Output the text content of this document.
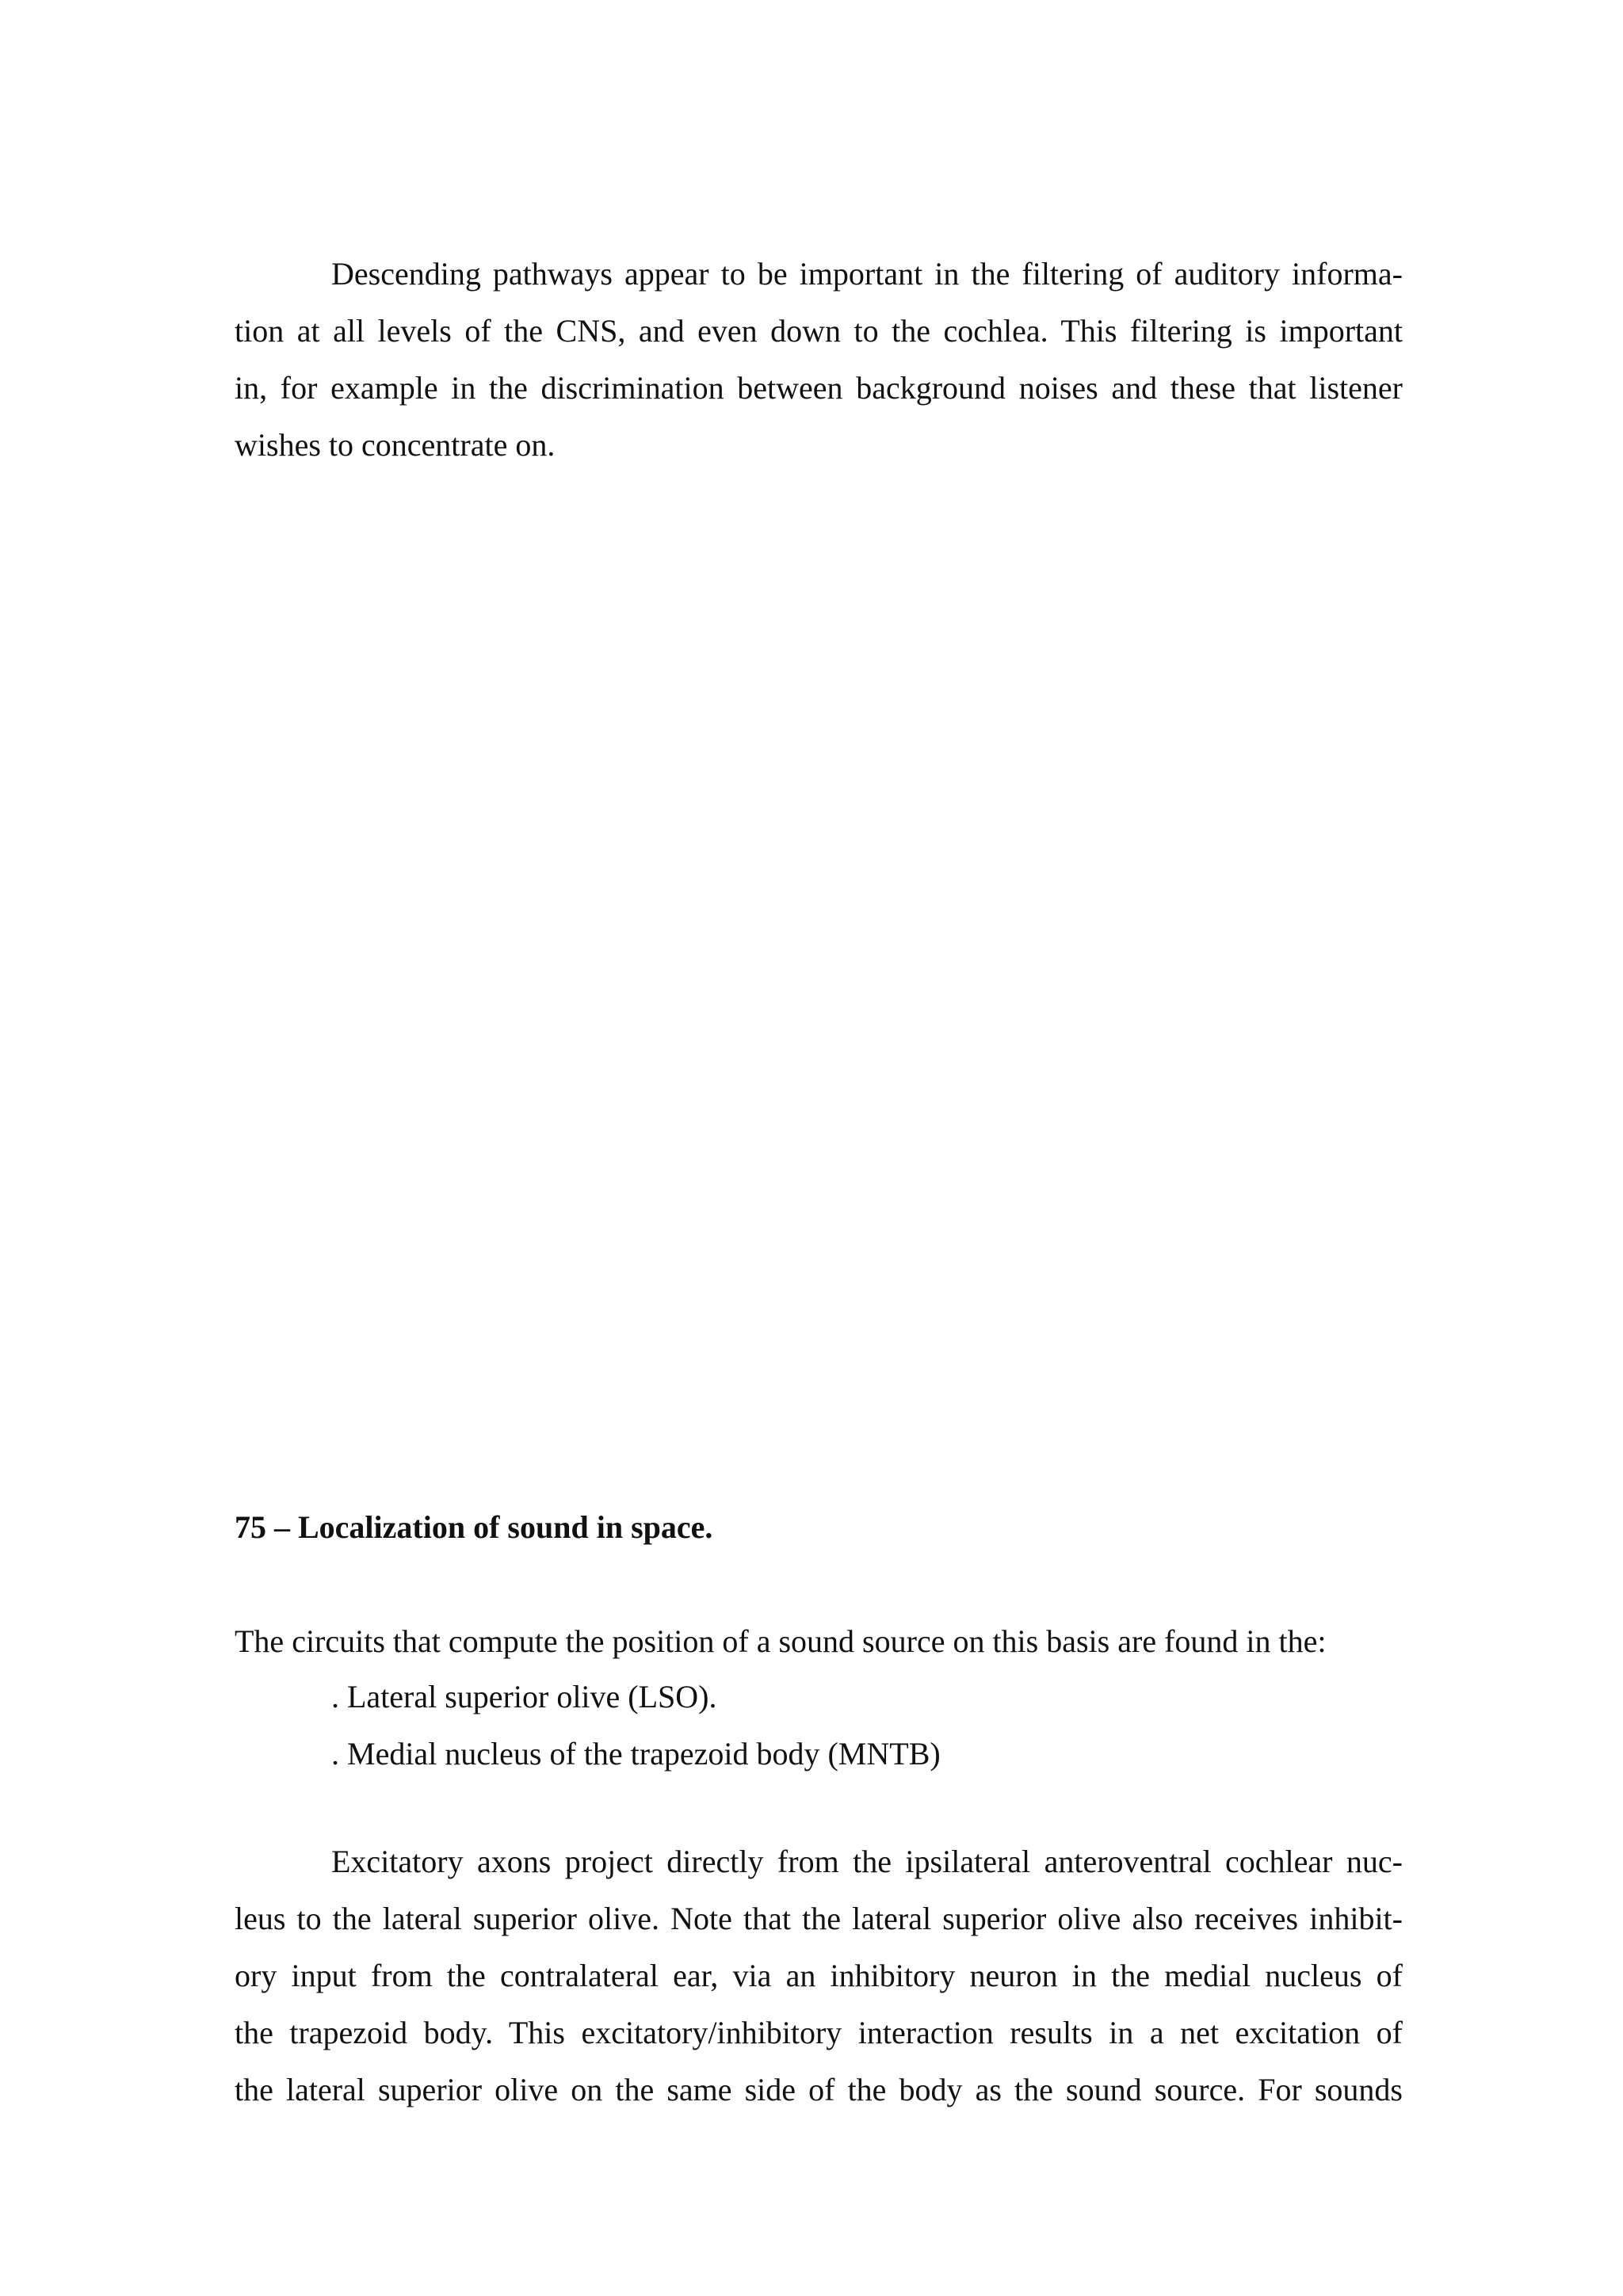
Descending pathways appear to be important in the filtering of auditory informa-
tion at all levels of the CNS, and even down to the cochlea. This filtering is important
in, for example in the discrimination between background noises and these that listener
wishes to concentrate on.
75 – Localization of sound in space.
The circuits that compute the position of a sound source on this basis are found in the:
. Lateral superior olive (LSO).
. Medial nucleus of the trapezoid body (MNTB)
Excitatory axons project directly from the ipsilateral anteroventral cochlear nuc-
leus to the lateral superior olive. Note that the lateral superior olive also receives inhibit-
ory input from the contralateral ear, via an inhibitory neuron in the medial nucleus of
the trapezoid body. This excitatory/inhibitory interaction results in a net excitation of
the lateral superior olive on the same side of the body as the sound source. For sounds
